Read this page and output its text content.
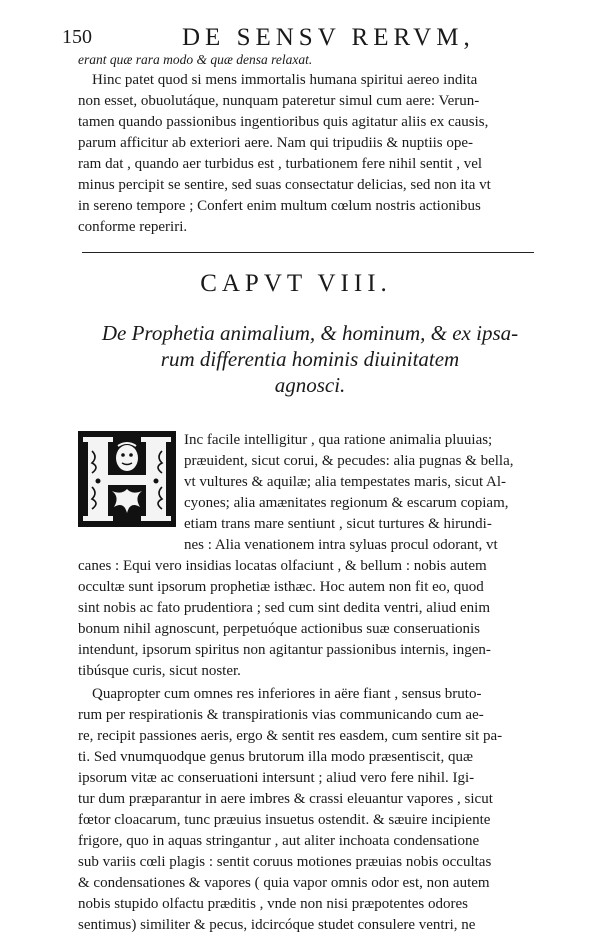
150	DE SENSV RERVM,
erant quæ rara modo & quæ densa relaxat.
Hinc patet quod si mens immortalis humana spiritui aereo indita
non esset, obuolutáque, nunquam pateretur simul cum aere: Verun-
tamen quando passionibus ingentioribus quis agitatur aliis ex causis,
parum afficitur ab exteriori aere. Nam qui tripudiis & nuptiis ope-
ram dat , quando aer turbidus est , turbationem fere nihil sentit , vel
minus percipit se sentire, sed suas consectatur delicias, sed non ita vt
in sereno tempore ; Confert enim multum cœlum nostris actionibus
conforme reperiri.
CAPVT VIII.
De Prophetia animalium, & hominum, & ex ipsa-
rum differentia hominis diuinitatem
agnosci.
Inc facile intelligitur , qua ratione animalia pluuias;
præuident, sicut corui, & pecudes: alia pugnas & bella,
vt vultures & aquilæ; alia tempestates maris, sicut Al-
cyones; alia amænitates regionum & escarum copiam,
etiam trans mare sentiunt , sicut turtures & hirundi-
nes : Alia venationem intra syluas procul odorant, vt
canes : Equi vero insidias locatas olfaciunt , & bellum : nobis autem
occultæ sunt ipsorum prophetiæ isthæc. Hoc autem non fit eo, quod
sint nobis ac fato prudentiora ; sed cum sint dedita ventri, aliud enim
bonum nihil agnoscunt, perpetuóque actionibus suæ conseruationis
intendunt, ipsorum spiritus non agitantur passionibus internis, ingen-
tibúsque curis, sicut noster.
Quapropter cum omnes res inferiores in aëre fiant , sensus bruto-
rum per respirationis & transpirationis vias communicando cum ae-
re, recipit passiones aeris, ergo & sentit res easdem, cum sentire sit pa-
ti. Sed vnumquodque genus brutorum illa modo præsentiscit, quæ
ipsorum vitæ ac conseruationi intersunt ; aliud vero fere nihil. Igi-
tur dum præparantur in aere imbres & crassi eleuantur vapores , sicut
fœtor cloacarum, tunc præuius insuetus ostendit. & sæuire incipiente
frigore, quo in aquas stringantur , aut aliter inchoata condensatione
sub variis cœli plagis : sentit coruus motiones præuias nobis occultas
& condensationes & vapores ( quia vapor omnis odor est, non autem
nobis stupido olfactu præditis , vnde non nisi præpotentes odores
sentimus) similiter & pecus, idcircóque studet consulere ventri, ne
